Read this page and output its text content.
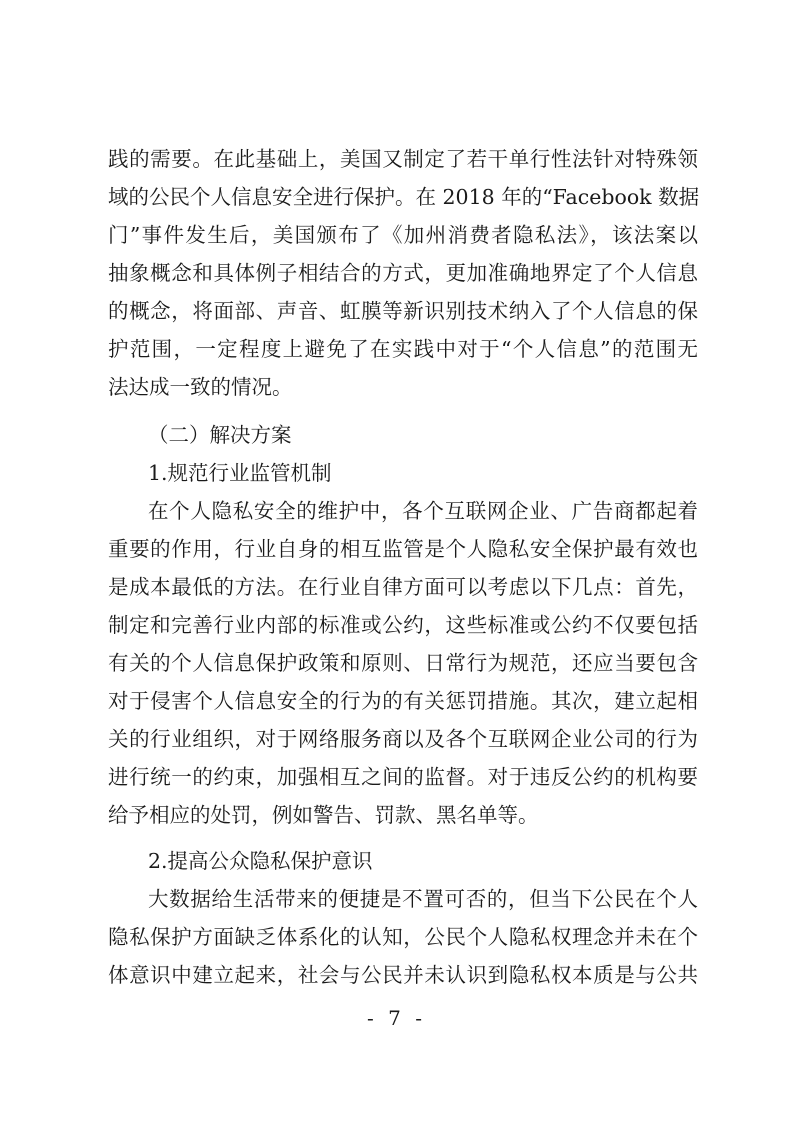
践的需要。在此基础上，美国又制定了若干单行性法针对特殊领
域的公民个人信息安全进行保护。在 2018 年的“Facebook 数据
门”事件发生后，美国颁布了《加州消费者隐私法》，该法案以
抽象概念和具体例子相结合的方式，更加准确地界定了个人信息
的概念，将面部、声音、虹膜等新识别技术纳入了个人信息的保
护范围，一定程度上避免了在实践中对于“个人信息”的范围无
法达成一致的情况。
（二）解决方案
1.规范行业监管机制
在个人隐私安全的维护中，各个互联网企业、广告商都起着
重要的作用，行业自身的相互监管是个人隐私安全保护最有效也
是成本最低的方法。在行业自律方面可以考虑以下几点：首先，
制定和完善行业内部的标准或公约，这些标准或公约不仅要包括
有关的个人信息保护政策和原则、日常行为规范，还应当要包含
对于侵害个人信息安全的行为的有关惩罚措施。其次，建立起相
关的行业组织，对于网络服务商以及各个互联网企业公司的行为
进行统一的约束，加强相互之间的监督。对于违反公约的机构要
给予相应的处罚，例如警告、罚款、黑名单等。
2.提高公众隐私保护意识
大数据给生活带来的便捷是不置可否的，但当下公民在个人
隐私保护方面缺乏体系化的认知，公民个人隐私权理念并未在个
体意识中建立起来，社会与公民并未认识到隐私权本质是与公共
- 7 -
